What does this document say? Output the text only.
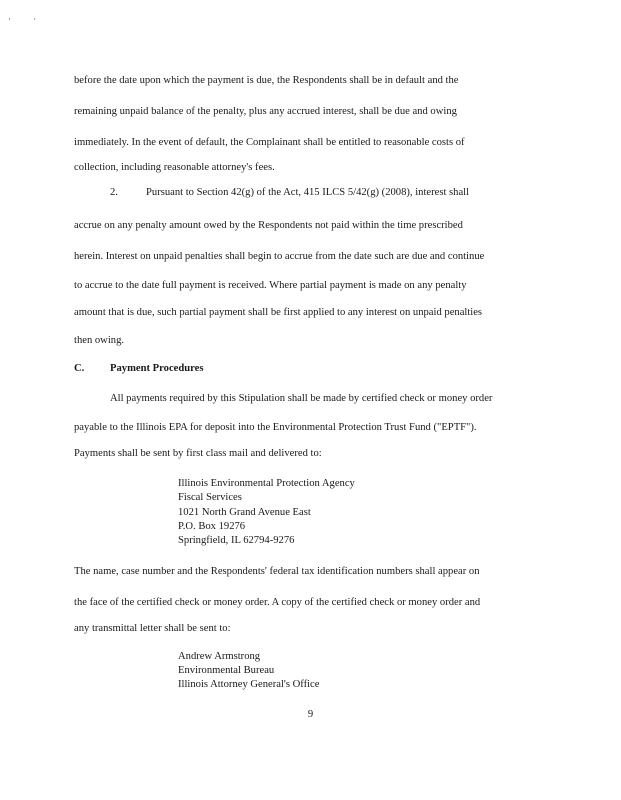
· ·
before the date upon which the payment is due, the Respondents shall be in default and the
remaining unpaid balance of the penalty, plus any accrued interest, shall be due and owing
immediately. In the event of default, the Complainant shall be entitled to reasonable costs of
collection, including reasonable attorney's fees.
2.	Pursuant to Section 42(g) of the Act, 415 ILCS 5/42(g) (2008), interest shall
accrue on any penalty amount owed by the Respondents not paid within the time prescribed
herein. Interest on unpaid penalties shall begin to accrue from the date such are due and continue
to accrue to the date full payment is received. Where partial payment is made on any penalty
amount that is due, such partial payment shall be first applied to any interest on unpaid penalties
then owing.
C. Payment Procedures
All payments required by this Stipulation shall be made by certified check or money order
payable to the Illinois EPA for deposit into the Environmental Protection Trust Fund ("EPTF").
Payments shall be sent by first class mail and delivered to:
Illinois Environmental Protection Agency
Fiscal Services
1021 North Grand Avenue East
P.O. Box 19276
Springfield, IL 62794-9276
The name, case number and the Respondents' federal tax identification numbers shall appear on
the face of the certified check or money order. A copy of the certified check or money order and
any transmittal letter shall be sent to:
Andrew Armstrong
Environmental Bureau
Illinois Attorney General's Office
9
